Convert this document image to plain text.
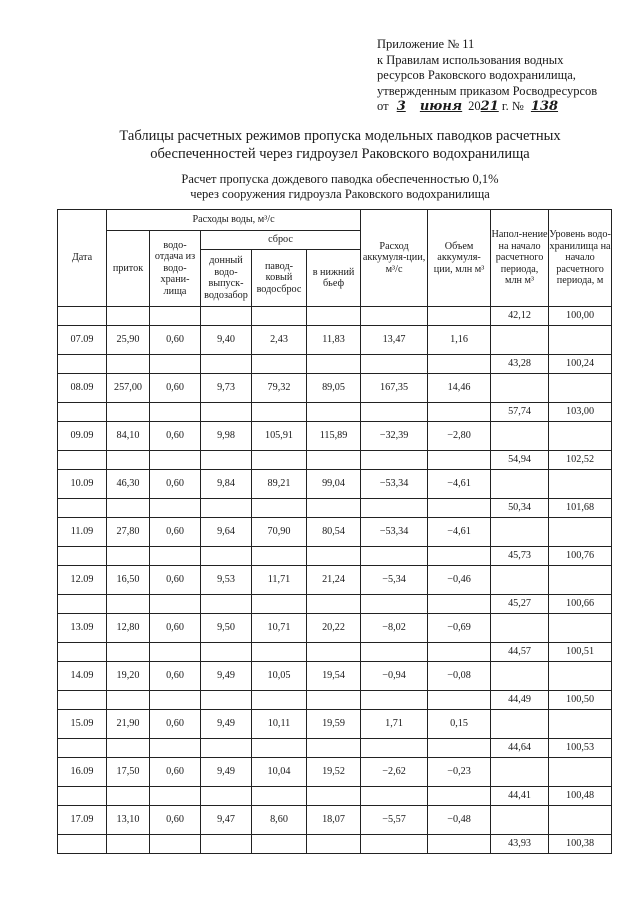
Приложение № 11
к Правилам использования водных
ресурсов Раковского водохранилища,
утвержденным приказом Росводресурсов
от 3 июня 2021 г. № 138
Таблицы расчетных режимов пропуска модельных паводков расчетных
обеспеченностей через гидроузел Раковского водохранилища
Расчет пропуска дождевого паводка обеспеченностью 0,1%
через сооружения гидроузла Раковского водохранилища
Дата	Расходы воды, м³/с					Расход аккумуля-ции, м³/с	Объем аккумуля-ции, млн м³	Напол-нение на начало расчетного периода, млн м³	Уровень водо-хранилища на начало расчетного периода, м
	приток	водо-отдача из водо-храни-лища	сброс						
			донный водо-выпуск-водозабор	павод-ковый водосброс	в нижний бьеф				
								42,12	100,00
07.09	25,90	0,60	9,40	2,43	11,83	13,47	1,16		
								43,28	100,24
08.09	257,00	0,60	9,73	79,32	89,05	167,35	14,46		
								57,74	103,00
09.09	84,10	0,60	9,98	105,91	115,89	−32,39	−2,80		
								54,94	102,52
10.09	46,30	0,60	9,84	89,21	99,04	−53,34	−4,61		
								50,34	101,68
11.09	27,80	0,60	9,64	70,90	80,54	−53,34	−4,61		
								45,73	100,76
12.09	16,50	0,60	9,53	11,71	21,24	−5,34	−0,46		
								45,27	100,66
13.09	12,80	0,60	9,50	10,71	20,22	−8,02	−0,69		
								44,57	100,51
14.09	19,20	0,60	9,49	10,05	19,54	−0,94	−0,08		
								44,49	100,50
15.09	21,90	0,60	9,49	10,11	19,59	1,71	0,15		
								44,64	100,53
16.09	17,50	0,60	9,49	10,04	19,52	−2,62	−0,23		
								44,41	100,48
17.09	13,10	0,60	9,47	8,60	18,07	−5,57	−0,48		
								43,93	100,38
